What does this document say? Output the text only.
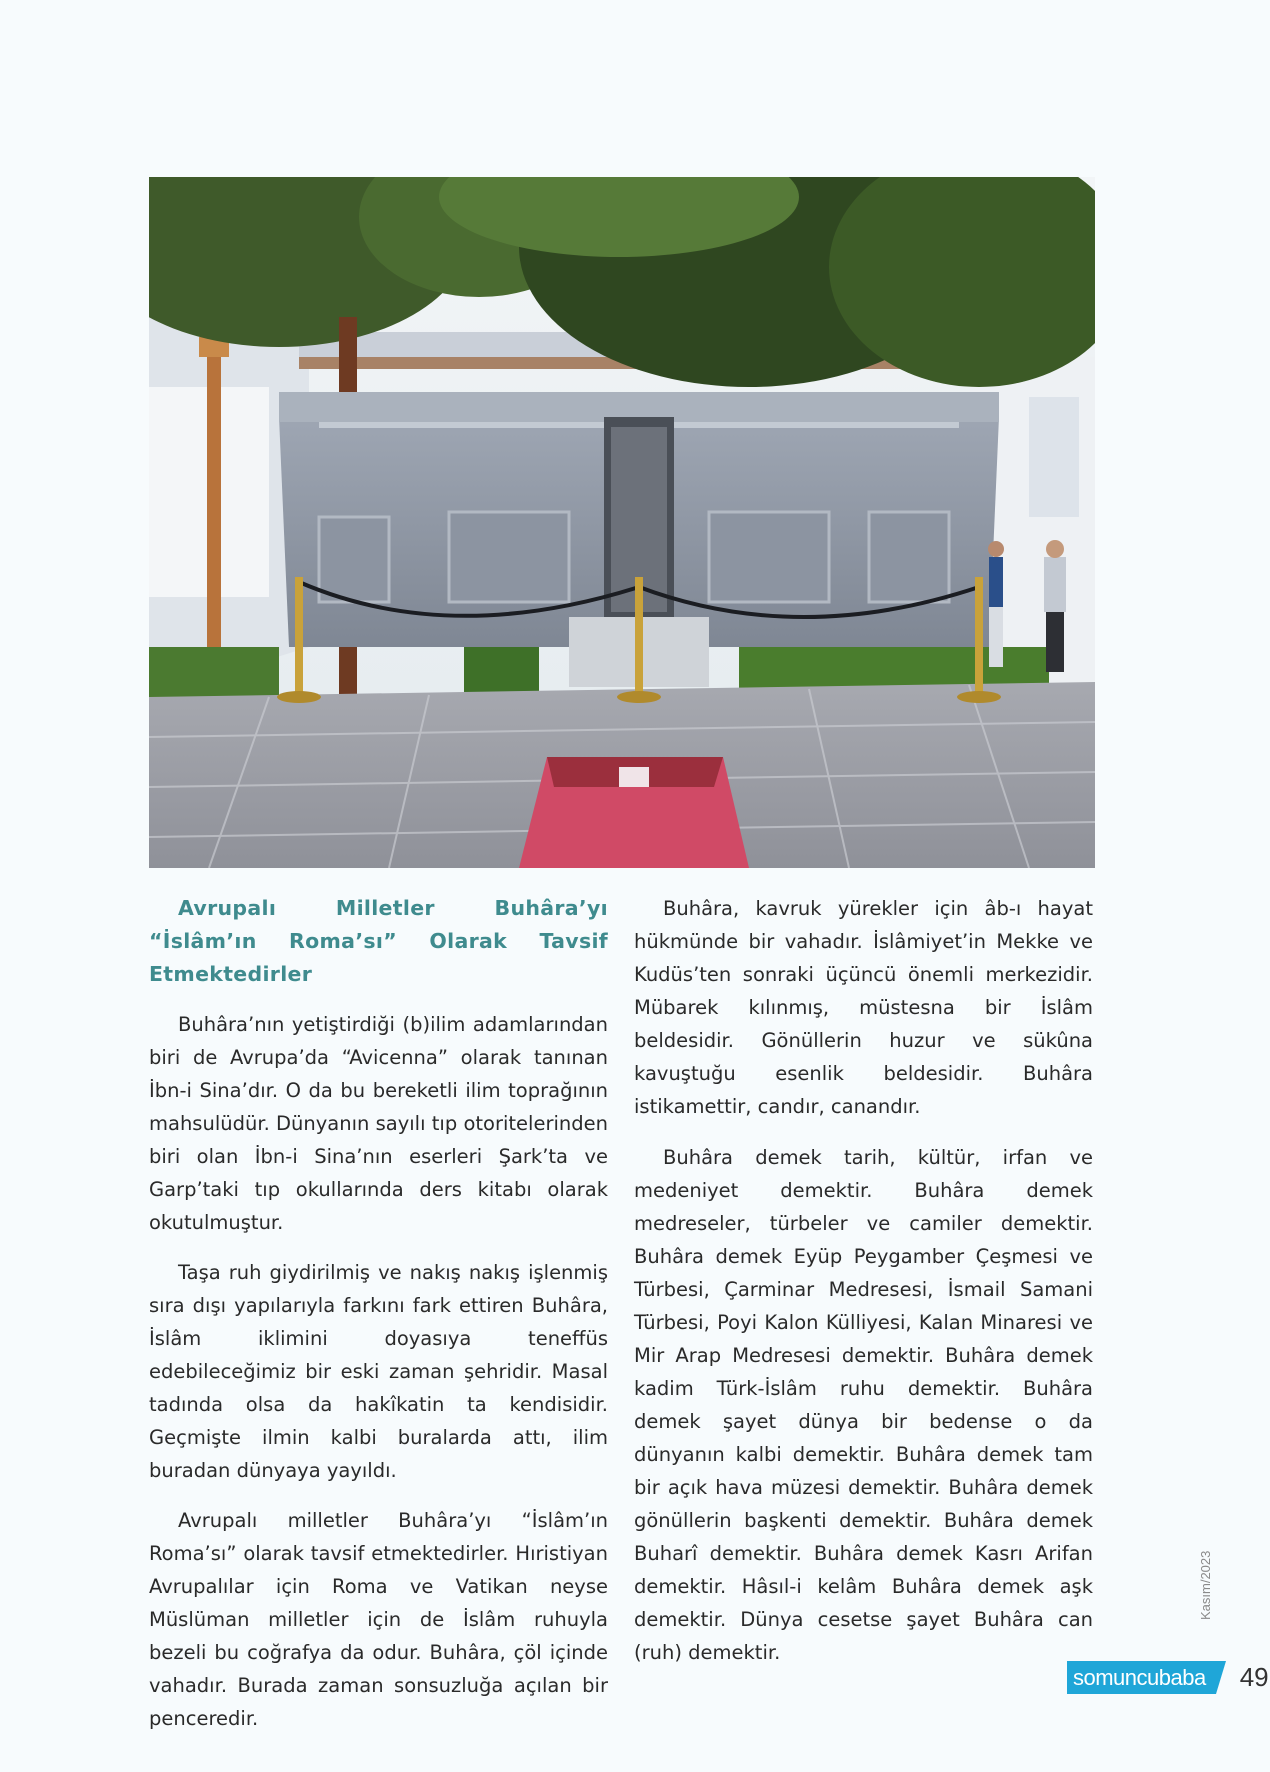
Avrupalı Milletler Buhâra’yı “İslâm’ın Roma’sı” Olarak Tavsif Etmektedirler

Buhâra’nın yetiştirdiği (b)ilim adamlarından biri de Avrupa’da “Avicenna” olarak tanınan İbn-i Sina’dır. O da bu bereketli ilim toprağının mahsulüdür. Dünyanın sayılı tıp otoritelerinden biri olan İbn-i Sina’nın eserleri Şark’ta ve Garp’taki tıp okullarında ders kitabı olarak okutulmuştur.

Taşa ruh giydirilmiş ve nakış nakış işlenmiş sıra dışı yapılarıyla farkını fark ettiren Buhâra, İslâm iklimini doyasıya teneffüs edebileceğimiz bir eski zaman şehridir. Masal tadında olsa da hakîkatin ta kendisidir. Geçmişte ilmin kalbi buralarda attı, ilim buradan dünyaya yayıldı.

Avrupalı milletler Buhâra’yı “İslâm’ın Roma’sı” olarak tavsif etmektedirler. Hıristiyan Avrupalılar için Roma ve Vatikan neyse Müslüman milletler için de İslâm ruhuyla bezeli bu coğrafya da odur. Buhâra, çöl içinde vahadır. Burada zaman sonsuzluğa açılan bir penceredir.

Buhâra, kavruk yürekler için âb-ı hayat hükmünde bir vahadır. İslâmiyet’in Mekke ve Kudüs’ten sonraki üçüncü önemli merkezidir. Mübarek kılınmış, müstesna bir İslâm beldesidir. Gönüllerin huzur ve sükûna kavuştuğu esenlik beldesidir. Buhâra istikamettir, candır, canandır.

Buhâra demek tarih, kültür, irfan ve medeniyet demektir. Buhâra demek medreseler, türbeler ve camiler demektir. Buhâra demek Eyüp Peygamber Çeşmesi ve Türbesi, Çarminar Medresesi, İsmail Samani Türbesi, Poyi Kalon Külliyesi, Kalan Minaresi ve Mir Arap Medresesi demektir. Buhâra demek kadim Türk-İslâm ruhu demektir. Buhâra demek şayet dünya bir bedense o da dünyanın kalbi demektir. Buhâra demek tam bir açık hava müzesi demektir. Buhâra demek gönüllerin başkenti demektir. Buhâra demek Buharî demektir. Buhâra demek Kasrı Arifan demektir. Hâsıl-i kelâm Buhâra demek aşk demektir. Dünya cesetse şayet Buhâra can (ruh) demektir.

Kasım/2023
somuncubaba	49
